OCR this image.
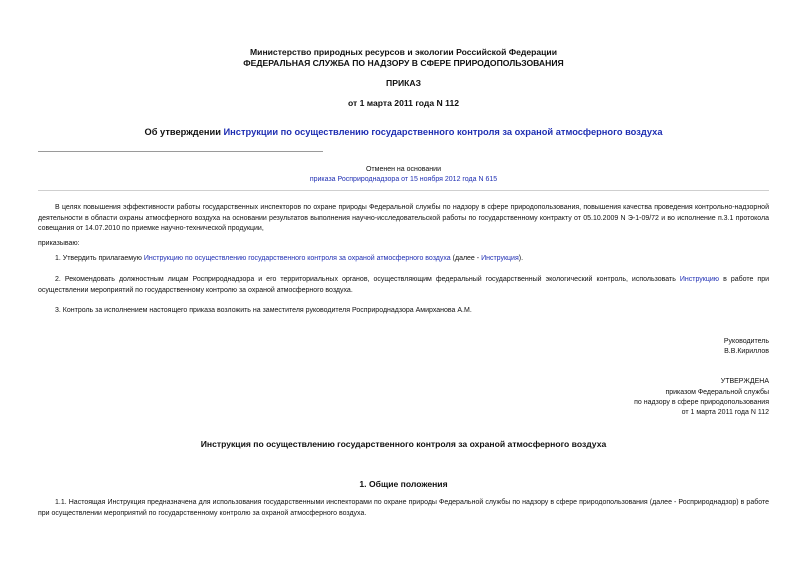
Министерство природных ресурсов и экологии Российской Федерации
ФЕДЕРАЛЬНАЯ СЛУЖБА ПО НАДЗОРУ В СФЕРЕ ПРИРОДОПОЛЬЗОВАНИЯ
ПРИКАЗ
от 1 марта 2011 года N 112
Об утверждении Инструкции по осуществлению государственного контроля за охраной атмосферного воздуха
Отменен на основании
приказа Росприроднадзора от 15 ноября 2012 года N 615
В целях повышения эффективности работы государственных инспекторов по охране природы Федеральной службы по надзору в сфере природопользования, повышения качества проведения контрольно-надзорной деятельности в области охраны атмосферного воздуха на основании результатов выполнения научно-исследовательской работы по государственному контракту от 05.10.2009 N Э-1-09/72 и во исполнение п.3.1 протокола совещания от 14.07.2010 по приемке научно-технической продукции,
приказываю:
1. Утвердить прилагаемую Инструкцию по осуществлению государственного контроля за охраной атмосферного воздуха (далее - Инструкция).
2. Рекомендовать должностным лицам Росприроднадзора и его территориальных органов, осуществляющим федеральный государственный экологический контроль, использовать Инструкцию в работе при осуществлении мероприятий по государственному контролю за охраной атмосферного воздуха.
3. Контроль за исполнением настоящего приказа возложить на заместителя руководителя Росприроднадзора Амирханова А.М.
Руководитель
В.В.Кириллов
УТВЕРЖДЕНА
приказом Федеральной службы
по надзору в сфере природопользования
от 1 марта 2011 года N 112
Инструкция по осуществлению государственного контроля за охраной атмосферного воздуха
1. Общие положения
1.1. Настоящая Инструкция предназначена для использования государственными инспекторами по охране природы Федеральной службы по надзору в сфере природопользования (далее - Росприроднадзор) в работе при осуществлении мероприятий по государственному контролю за охраной атмосферного воздуха.
